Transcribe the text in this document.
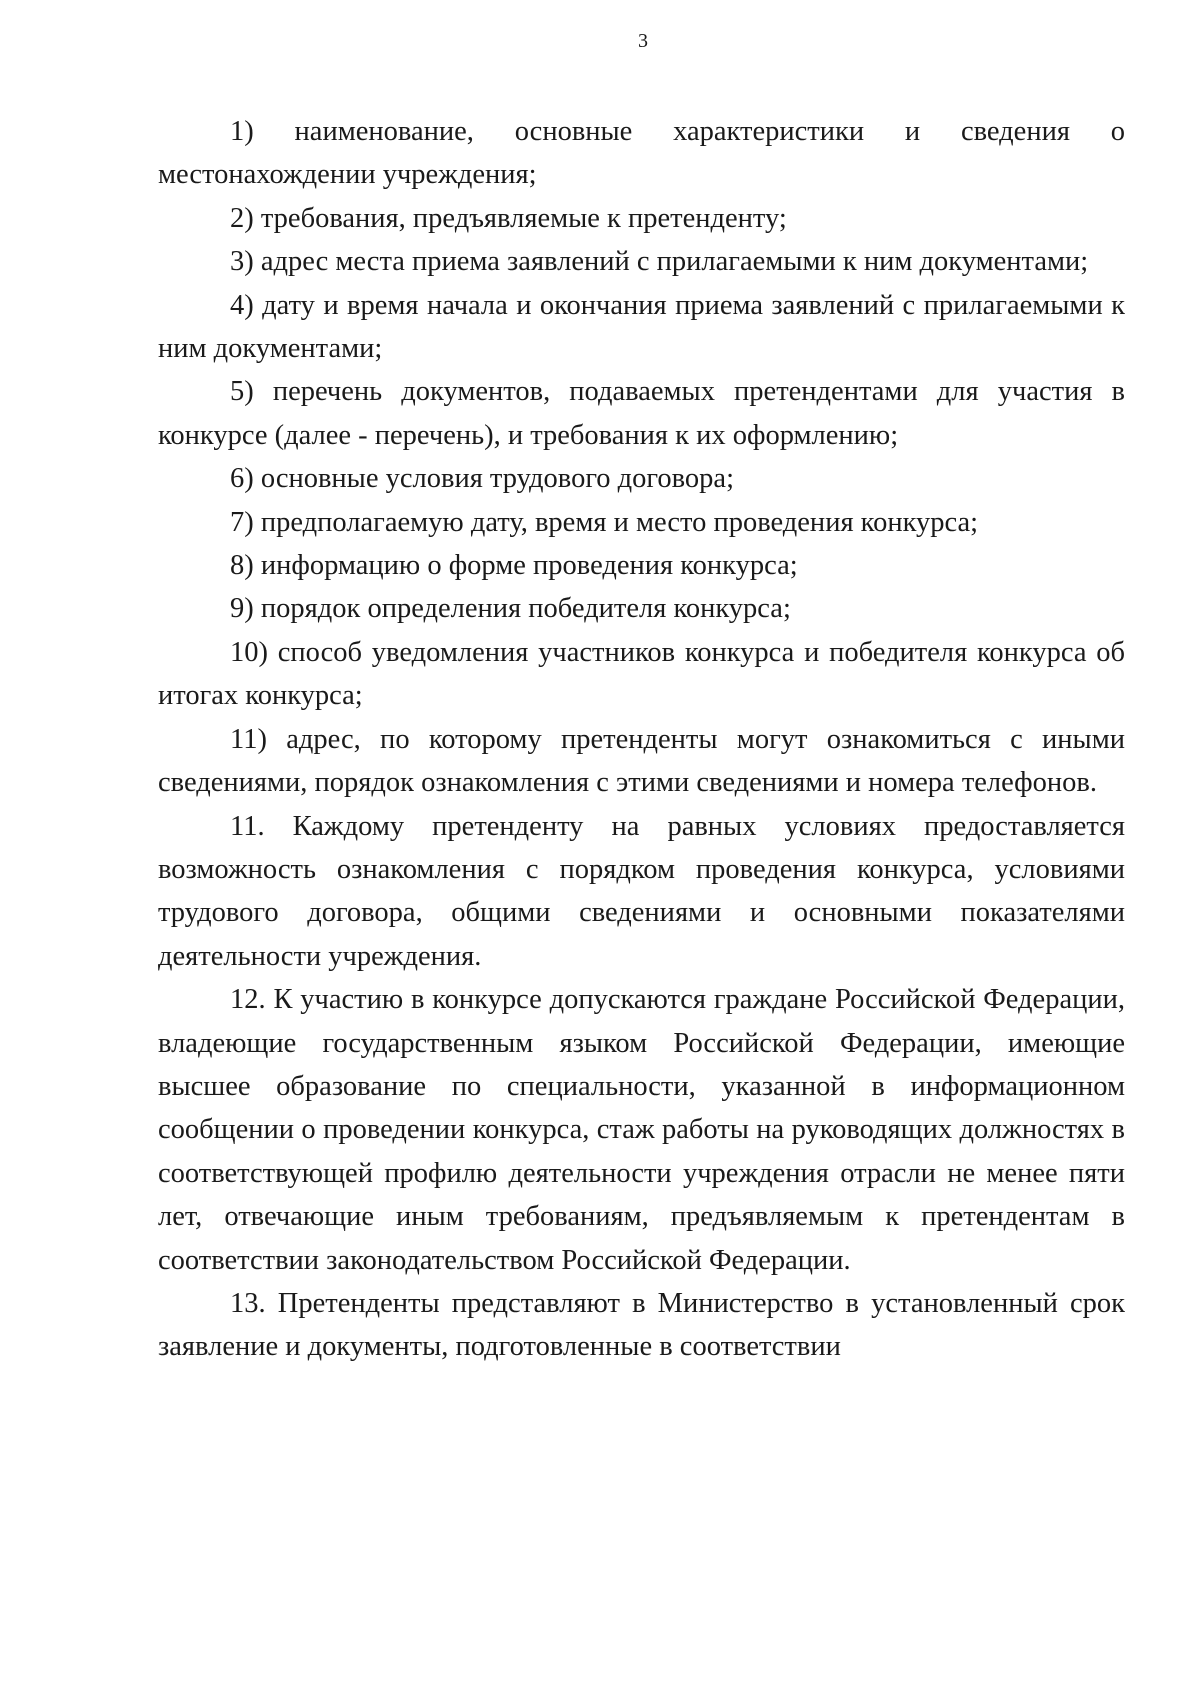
3

1) наименование, основные характеристики и сведения о местонахождении учреждения;

2) требования, предъявляемые к претенденту;

3) адрес места приема заявлений с прилагаемыми к ним документами;

4) дату и время начала и окончания приема заявлений с прилагаемыми к ним документами;

5) перечень документов, подаваемых претендентами для участия в конкурсе (далее - перечень), и требования к их оформлению;

6) основные условия трудового договора;

7) предполагаемую дату, время и место проведения конкурса;

8) информацию о форме проведения конкурса;

9) порядок определения победителя конкурса;

10) способ уведомления участников конкурса и победителя конкурса об итогах конкурса;

11) адрес, по которому претенденты могут ознакомиться с иными сведениями, порядок ознакомления с этими сведениями и номера телефонов.

11. Каждому претенденту на равных условиях предоставляется возможность ознакомления с порядком проведения конкурса, условиями трудового договора, общими сведениями и основными показателями деятельности учреждения.

12. К участию в конкурсе допускаются граждане Российской Федерации, владеющие государственным языком Российской Федерации, имеющие высшее образование по специальности, указанной в информационном сообщении о проведении конкурса, стаж работы на руководящих должностях в соответствующей профилю деятельности учреждения отрасли не менее пяти лет, отвечающие иным требованиям, предъявляемым к претендентам в соответствии законодательством Российской Федерации.

13. Претенденты представляют в Министерство в установленный срок заявление и документы, подготовленные в соответствии
